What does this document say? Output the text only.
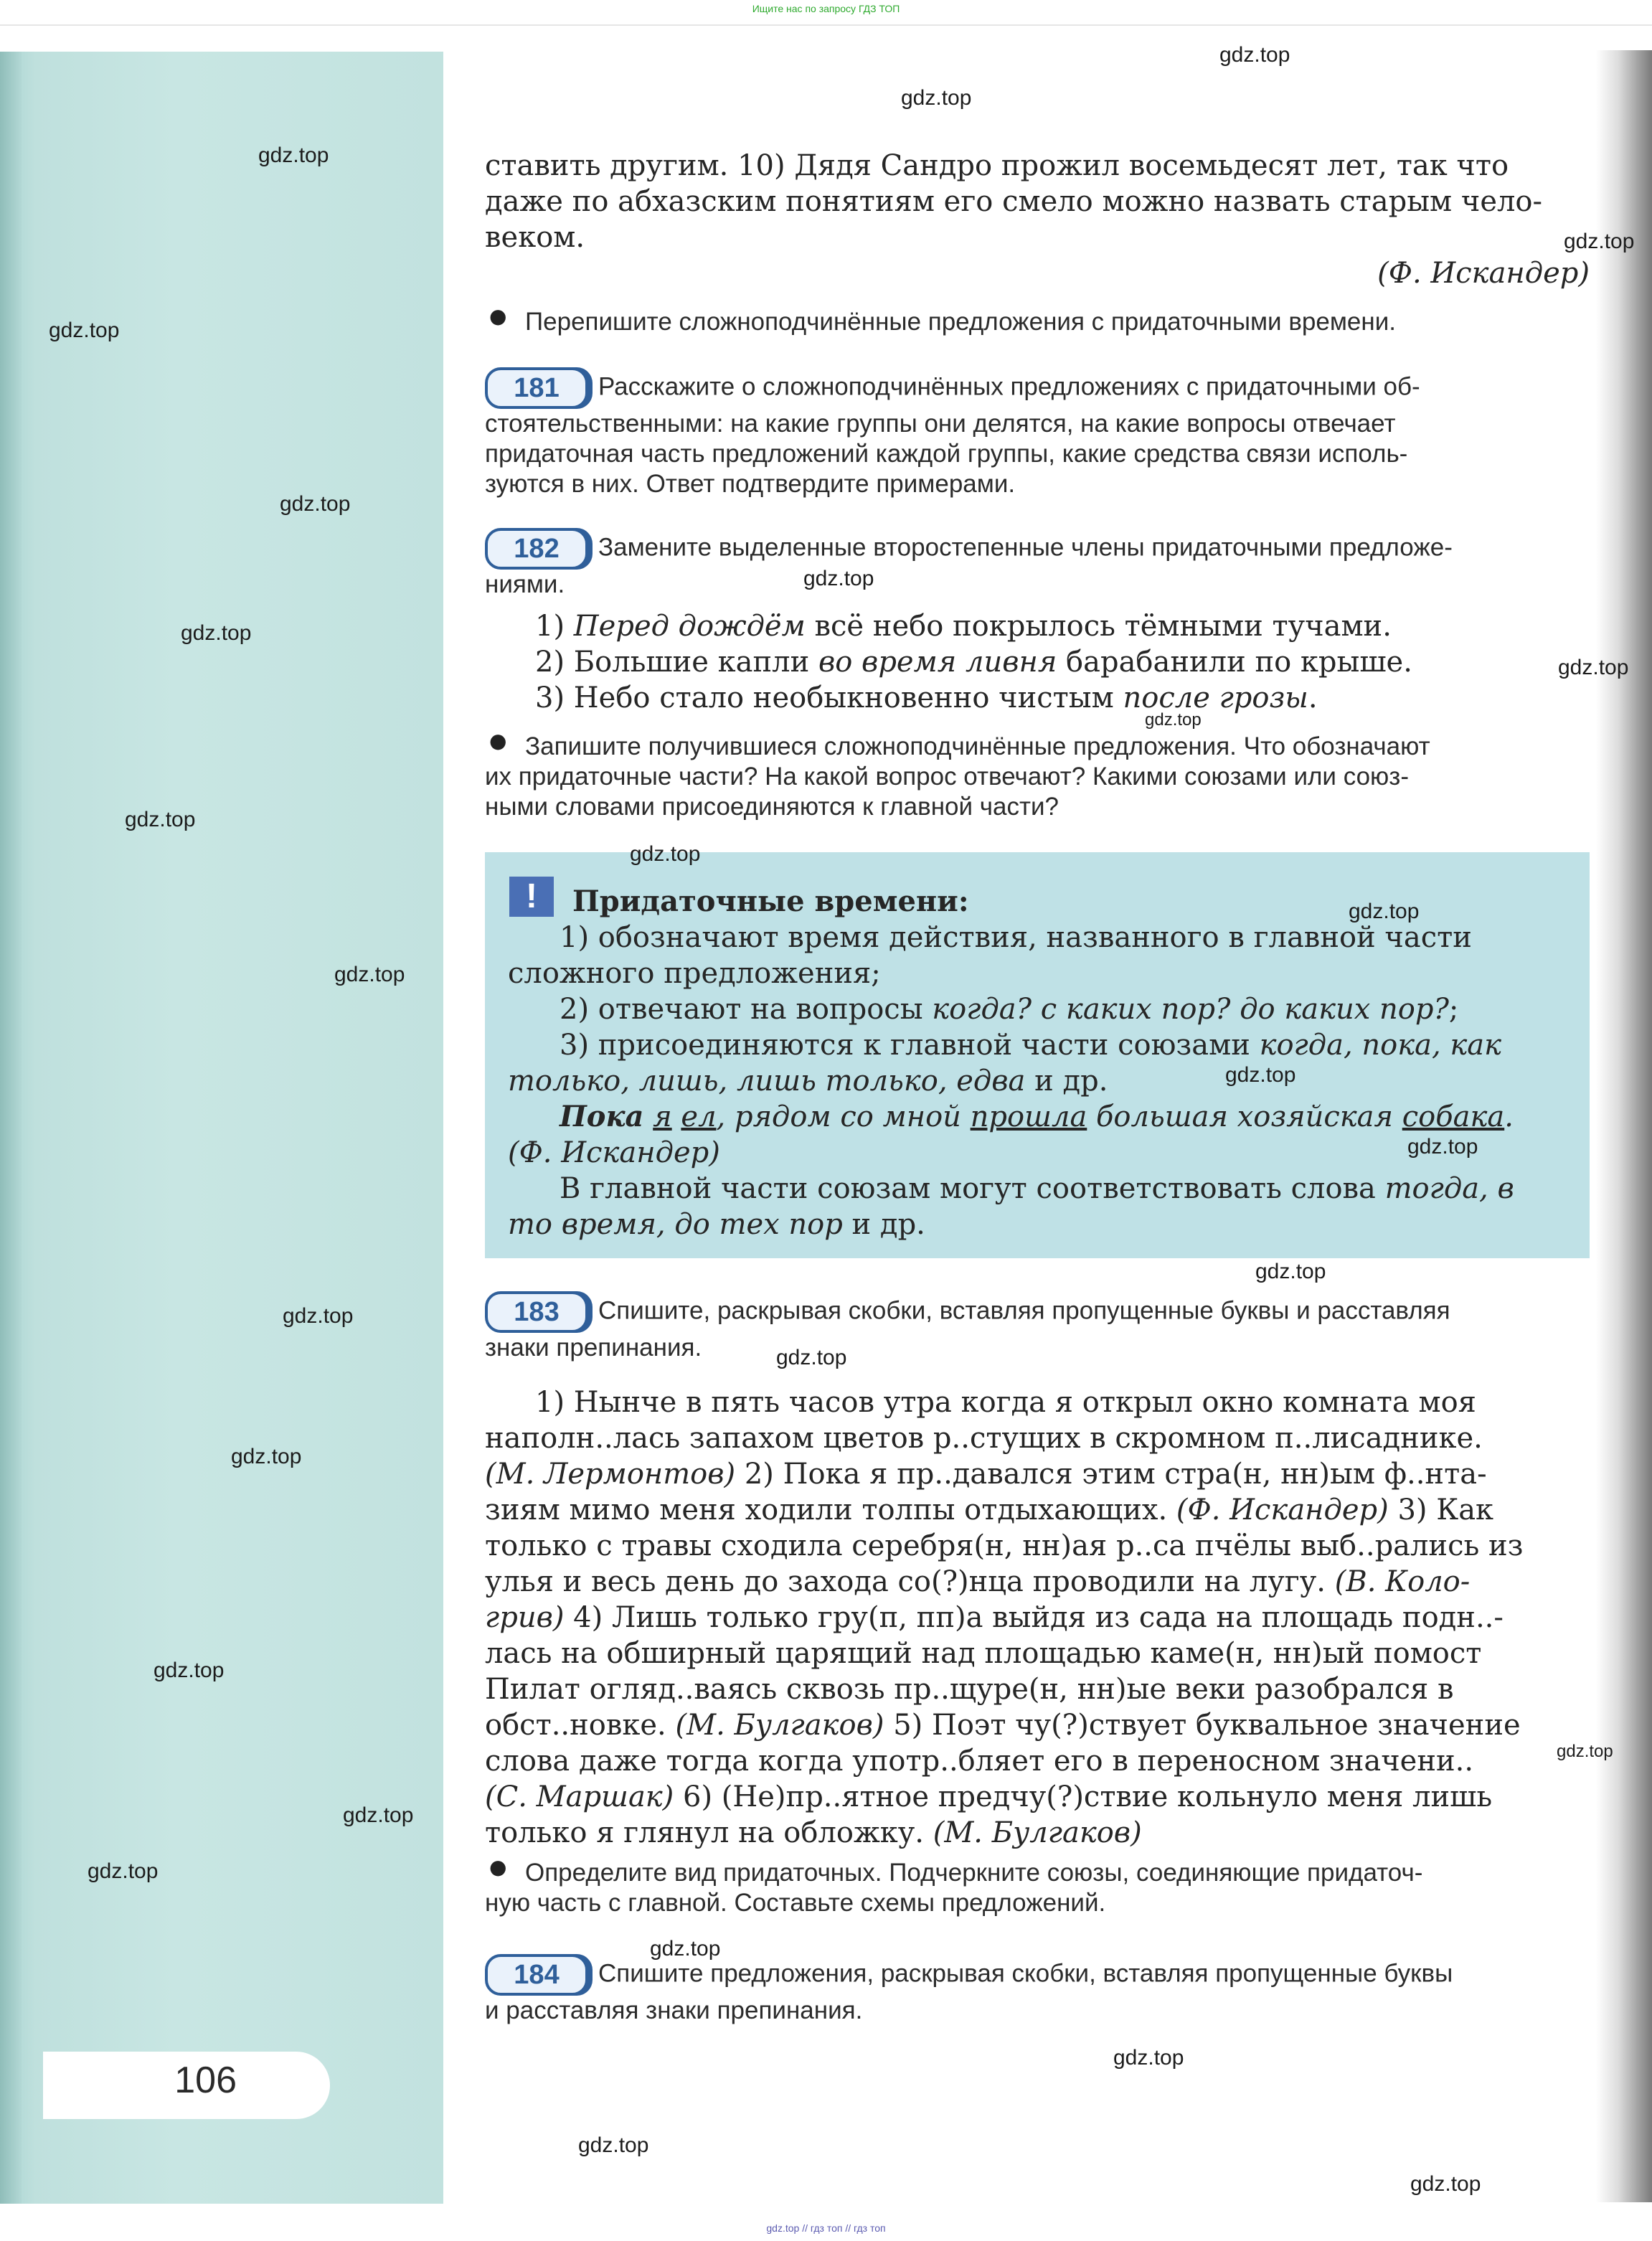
Ищите нас по запросу ГДЗ ТОП
106
ставить другим. 10) Дядя Сандро прожил восемьдесят лет, так что
даже по абхазским понятиям его смело можно назвать старым чело-
веком.
(Ф. Искандер)
● Перепишите сложноподчинённые предложения с придаточными времени.
181 Расскажите о сложноподчинённых предложениях с придаточными об-
стоятельственными: на какие группы они делятся, на какие вопросы отвечает
придаточная часть предложений каждой группы, какие средства связи исполь-
зуются в них. Ответ подтвердите примерами.
182 Замените выделенные второстепенные члены придаточными предложе-
ниями.
1) Перед дождём всё небо покрылось тёмными тучами.
2) Большие капли во время ливня барабанили по крыше.
3) Небо стало необыкновенно чистым после грозы.
● Запишите получившиеся сложноподчинённые предложения. Что обозначают
их придаточные части? На какой вопрос отвечают? Какими союзами или союз-
ными словами присоединяются к главной части?
!	Придаточные времени:
1) обозначают время действия, названного в главной части
сложного предложения;
2) отвечают на вопросы когда? с каких пор? до каких пор?;
3) присоединяются к главной части союзами когда, пока, как
только, лишь, лишь только, едва и др.
Пока я ел, рядом со мной прошла большая хозяйская собака.
(Ф. Искандер)
В главной части союзам могут соответствовать слова тогда, в
то время, до тех пор и др.
183 Спишите, раскрывая скобки, вставляя пропущенные буквы и расставляя
знаки препинания.
1) Нынче в пять часов утра когда я открыл окно комната моя
наполн..лась запахом цветов р..стущих в скромном п..лисаднике.
(М. Лермонтов) 2) Пока я пр..давался этим стра(н, нн)ым ф..нта-
зиям мимо меня ходили толпы отдыхающих. (Ф. Искандер) 3) Как
только с травы сходила серебря(н, нн)ая р..са пчёлы выб..рались из
улья и весь день до захода со(?)нца проводили на лугу. (В. Коло-
грив) 4) Лишь только гру(п, пп)а выйдя из сада на площадь подн..-
лась на обширный царящий над площадью каме(н, нн)ый помост
Пилат огляд..ваясь сквозь пр..щуре(н, нн)ые веки разобрался в
обст..новке. (М. Булгаков) 5) Поэт чу(?)ствует буквальное значение
слова даже тогда когда употр..бляет его в переносном значени..
(С. Маршак) 6) (Не)пр..ятное предчу(?)ствие кольнуло меня лишь
только я глянул на обложку. (М. Булгаков)
● Определите вид придаточных. Подчеркните союзы, соединяющие придаточ-
ную часть с главной. Составьте схемы предложений.
184 Спишите предложения, раскрывая скобки, вставляя пропущенные буквы
и расставляя знаки препинания.
gdz.top
gdz.top
gdz.top
gdz.top
gdz.top
gdz.top
gdz.top
gdz.top
gdz.top
gdz.top
gdz.top
gdz.top
gdz.top
gdz.top
gdz.top
gdz.top
gdz.top
gdz.top
gdz.top
gdz.top
gdz.top
gdz.top
gdz.top
gdz.top
gdz.top
gdz.top
gdz.top
gdz.top
gdz.top // гдз топ // гдз топ
